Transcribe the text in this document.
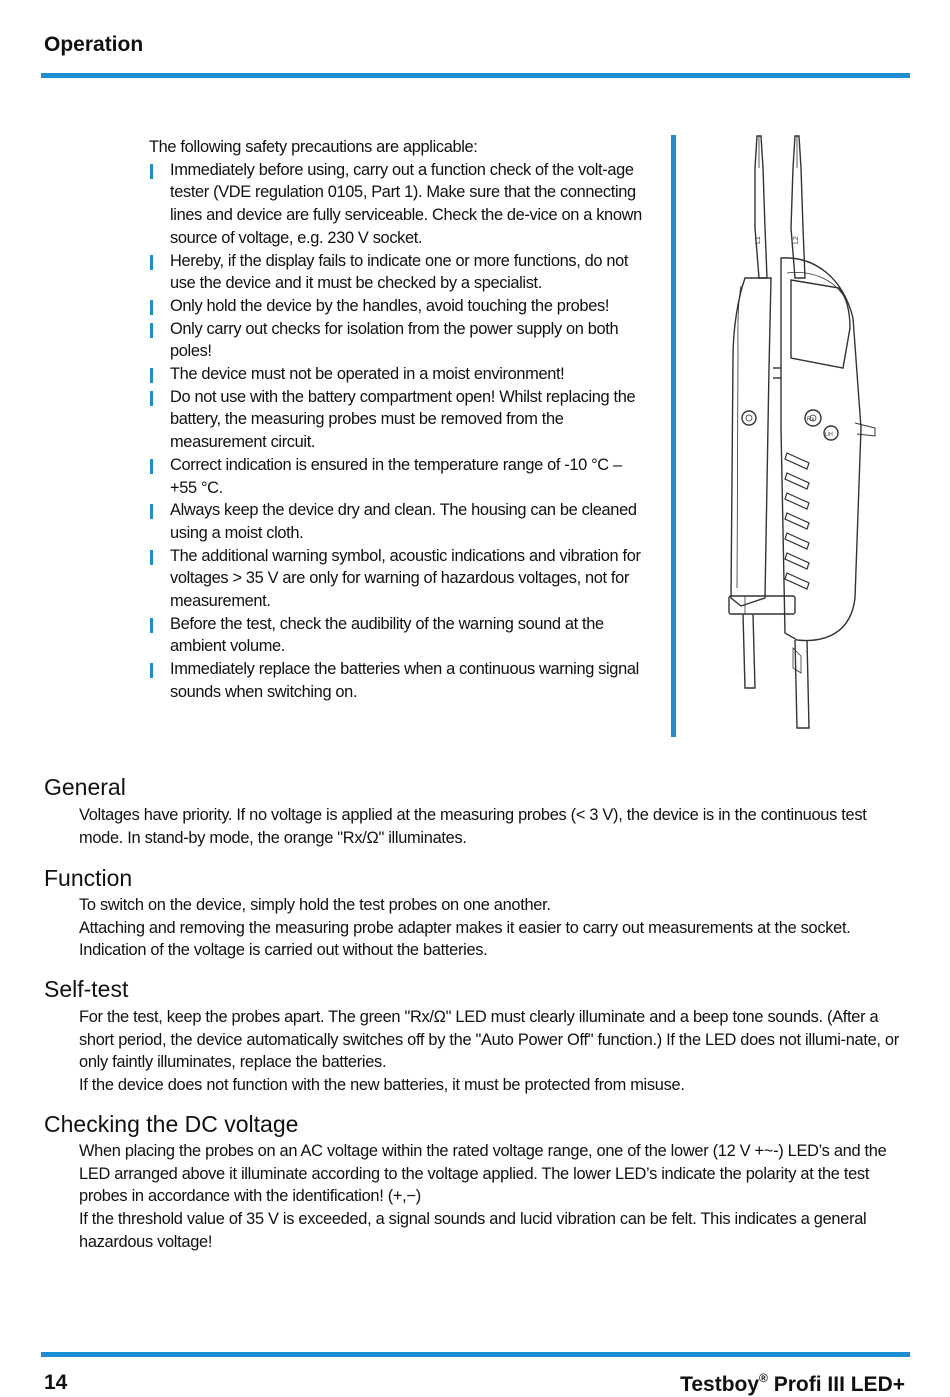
Operation

The following safety precautions are applicable:

Immediately before using, carry out a function check of the volt-age tester (VDE regulation 0105, Part 1). Make sure that the connecting lines and device are fully serviceable. Check the de-vice on a known source of voltage, e.g. 230 V socket.
Hereby, if the display fails to indicate one or more functions, do not use the device and it must be checked by a specialist.
Only hold the device by the handles, avoid touching the probes!
Only carry out checks for isolation from the power supply on both poles!
The device must not be operated in a moist environment!
Do not use with the battery compartment open! Whilst replacing the battery, the measuring probes must be removed from the measurement circuit.
Correct indication is ensured in the temperature range of -10 °C – +55 °C.
Always keep the device dry and clean. The housing can be cleaned using a moist cloth.
The additional warning symbol, acoustic indications and vibration for voltages > 35 V are only for warning of hazardous voltages, not for measurement.
Before the test, check the audibility of the warning sound at the ambient volume.
Immediately replace the batteries when a continuous warning signal sounds when switching on.
L1	L2
Rx
L/H
General

Voltages have priority. If no voltage is applied at the measuring probes (< 3 V), the device is in the continuous test mode. In stand-by mode, the orange "Rx/Ω" illuminates.

Function

To switch on the device, simply hold the test probes on one another.

Attaching and removing the measuring probe adapter makes it easier to carry out measurements at the socket.

Indication of the voltage is carried out without the batteries.

Self-test

For the test, keep the probes apart. The green "Rx/Ω" LED must clearly illuminate and a beep tone sounds. (After a short period, the device automatically switches off by the "Auto Power Off" function.) If the LED does not illumi-nate, or only faintly illuminates, replace the batteries.

If the device does not function with the new batteries, it must be protected from misuse.

Checking the DC voltage

When placing the probes on an AC voltage within the rated voltage range, one of the lower (12 V +~-) LED’s and the LED arranged above it illuminate according to the voltage applied. The lower LED’s indicate the polarity at the test probes in accordance with the identification! (+,−)

If the threshold value of 35 V is exceeded, a signal sounds and lucid vibration can be felt. This indicates a general hazardous voltage!

14	Testboy® Profi III LED+
